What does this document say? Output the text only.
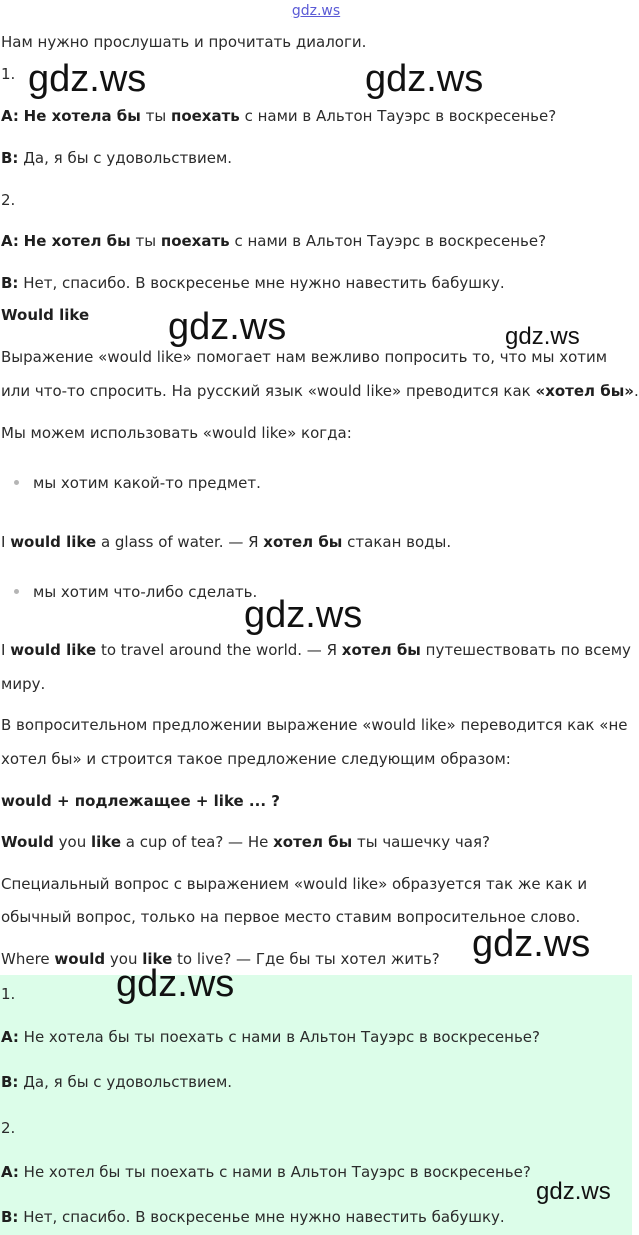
gdz.ws
Нам нужно прослушать и прочитать диалоги.
1.
A: Не хотела бы ты поехать с нами в Альтон Тауэрс в воскресенье?
B: Да, я бы с удовольствием.
2.
A: Не хотел бы ты поехать с нами в Альтон Тауэрс в воскресенье?
B: Нет, спасибо. В воскресенье мне нужно навестить бабушку.
Would like
Выражение «would like» помогает нам вежливо попросить то, что мы хотим
или что-то спросить. На русский язык «would like» преводится как «хотел бы».
Мы можем использовать «would like» когда:
мы хотим какой-то предмет.
I would like a glass of water. — Я хотел бы стакан воды.
мы хотим что-либо сделать.
I would like to travel around the world. — Я хотел бы путешествовать по всему
миру.
В вопросительном предложении выражение «would like» переводится как «не
хотел бы» и строится такое предложение следующим образом:
would + подлежащее + like ... ?
Would you like a cup of tea? — Не хотел бы ты чашечку чая?
Специальный вопрос с выражением «would like» образуется так же как и
обычный вопрос, только на первое место ставим вопросительное слово.
Where would you like to live? — Где бы ты хотел жить?
1.
A: Не хотела бы ты поехать с нами в Альтон Тауэрс в воскресенье?
B: Да, я бы с удовольствием.
2.
A: Не хотел бы ты поехать с нами в Альтон Тауэрс в воскресенье?
B: Нет, спасибо. В воскресенье мне нужно навестить бабушку.
gdz.ws	gdz.ws
gdz.ws	gdz.ws
gdz.ws
gdz.ws
gdz.ws
gdz.ws
